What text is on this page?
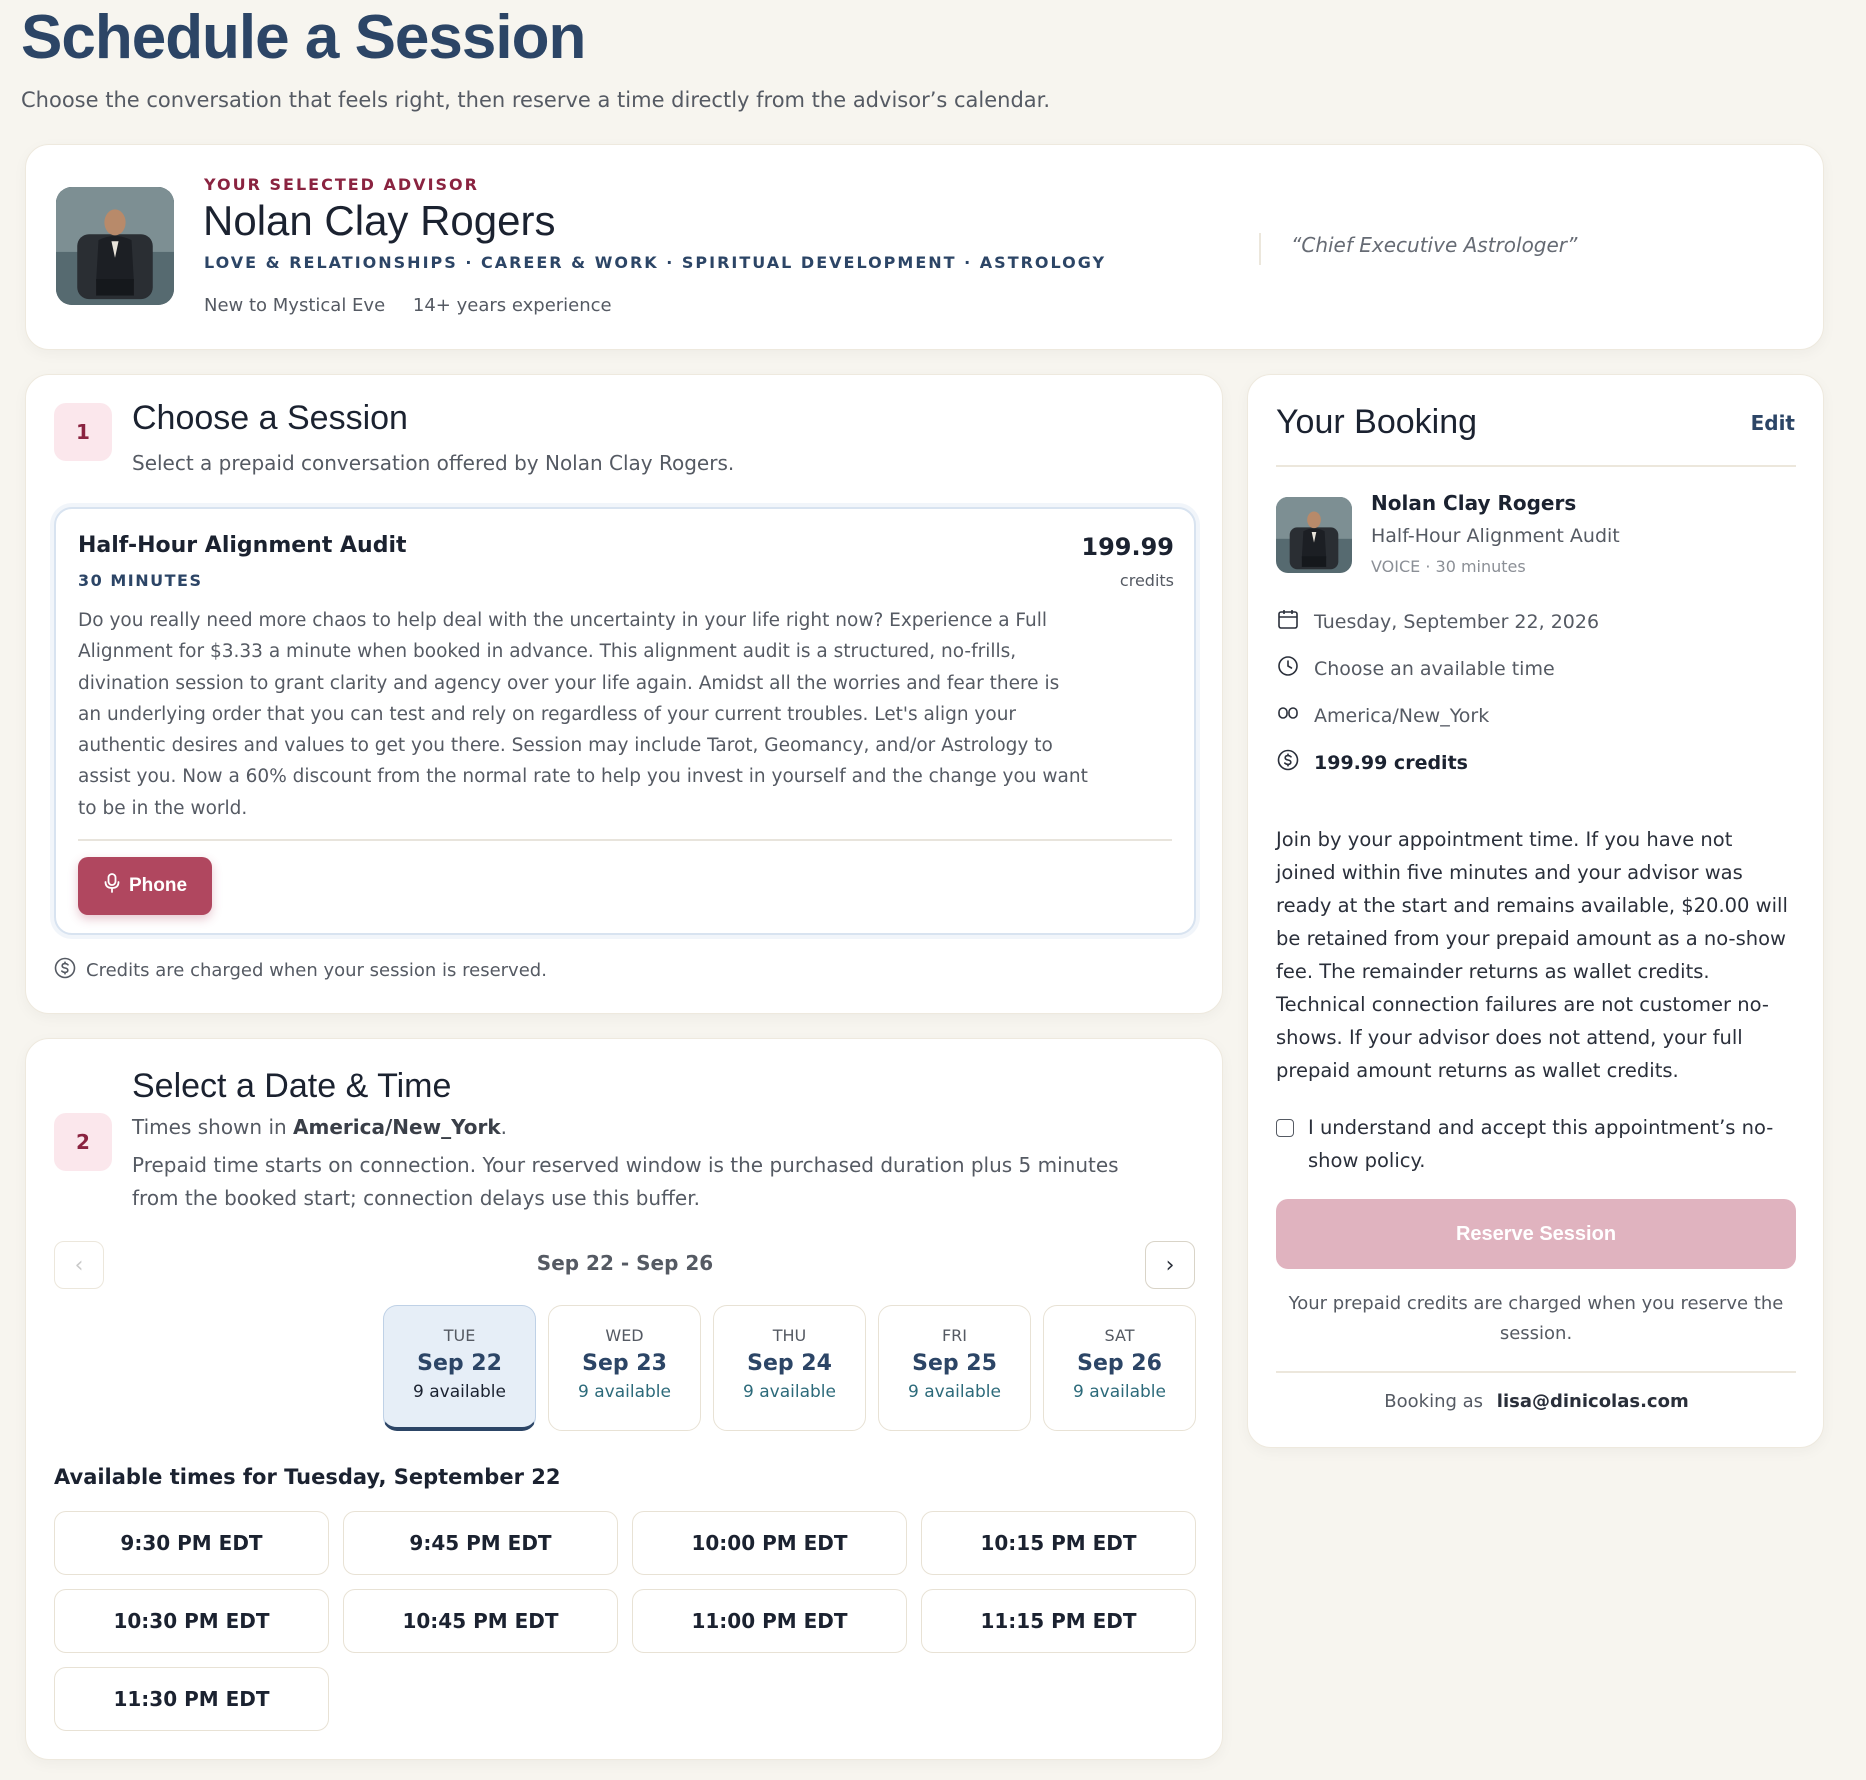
Schedule a Session

Choose the conversation that feels right, then reserve a time directly from the advisor’s calendar.

YOUR SELECTED ADVISOR
Nolan Clay Rogers
LOVE & RELATIONSHIPS · CAREER & WORK · SPIRITUAL DEVELOPMENT · ASTROLOGY
New to Mystical Eve 14+ years experience
“Chief Executive Astrologer”
1	Choose a Session
Select a prepaid conversation offered by Nolan Clay Rogers.
Half-Hour Alignment Audit
30 MINUTES
199.99
credits
Do you really need more chaos to help deal with the uncertainty in your life right now? Experience a Full Alignment for $3.33 a minute when booked in advance. This alignment audit is a structured, no-frills, divination session to grant clarity and agency over your life again. Amidst all the worries and fear there is an underlying order that you can test and rely on regardless of your current troubles. Let's align your authentic desires and values to get you there. Session may include Tarot, Geomancy, and/or Astrology to assist you. Now a 60% discount from the normal rate to help you invest in yourself and the change you want to be in the world.
Phone
Credits are charged when your session is reserved.
2
Select a Date & Time
Times shown in America/New_York.
Prepaid time starts on connection. Your reserved window is the purchased duration plus 5 minutes from the booked start; connection delays use this buffer.
‹	Sep 22 - Sep 26	›
TUE
Sep 22
9 available
WED
Sep 23
9 available
THU
Sep 24
9 available
FRI
Sep 25
9 available
SAT
Sep 26
9 available
Available times for Tuesday, September 22
9:30 PM EDT	9:45 PM EDT	10:00 PM EDT	10:15 PM EDT
10:30 PM EDT	10:45 PM EDT	11:00 PM EDT	11:15 PM EDT
11:30 PM EDT
Your Booking	Edit
Nolan Clay Rogers
Half-Hour Alignment Audit
VOICE · 30 minutes
Tuesday, September 22, 2026
Choose an available time
America/New_York
199.99 credits
Join by your appointment time. If you have not joined within five minutes and your advisor was ready at the start and remains available, $20.00 will be retained from your prepaid amount as a no-show fee. The remainder returns as wallet credits. Technical connection failures are not customer no-shows. If your advisor does not attend, your full prepaid amount returns as wallet credits.
I understand and accept this appointment’s no-show policy.
Reserve Session
Your prepaid credits are charged when you reserve the session.
Booking as lisa@dinicolas.com
